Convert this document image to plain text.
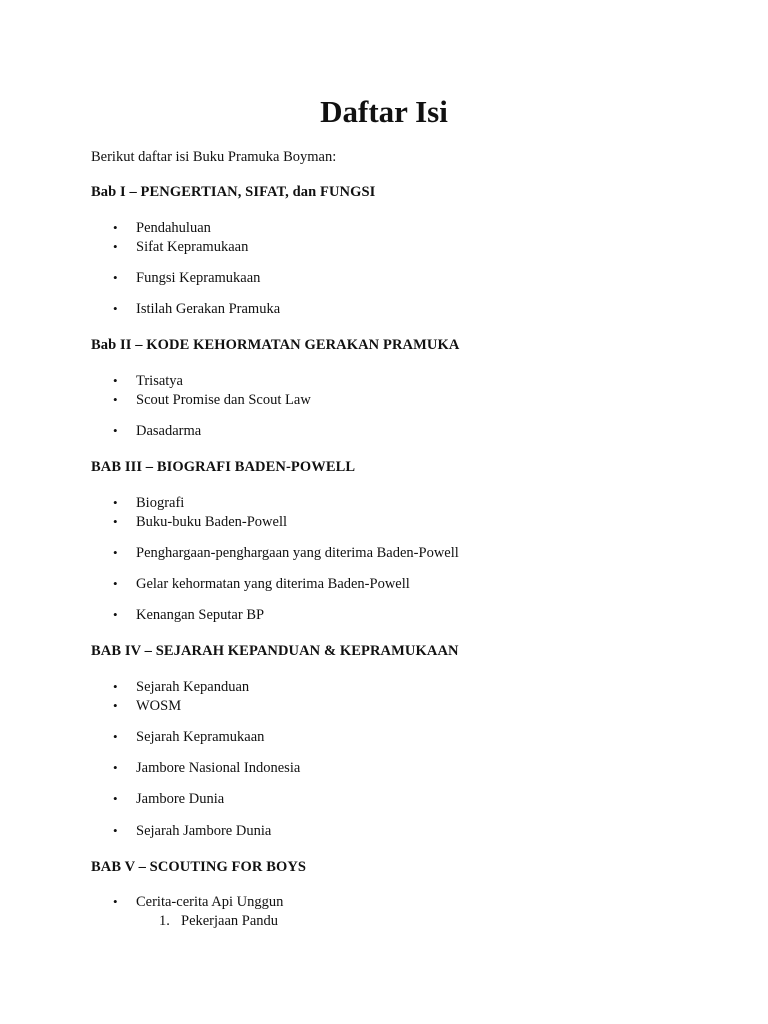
Daftar Isi

Berikut daftar isi Buku Pramuka Boyman:

Bab I – PENGERTIAN, SIFAT, dan FUNGSI

• Pendahuluan
• Sifat Kepramukaan
• Fungsi Kepramukaan
• Istilah Gerakan Pramuka

Bab II – KODE KEHORMATAN GERAKAN PRAMUKA

• Trisatya
• Scout Promise dan Scout Law
• Dasadarma

BAB III – BIOGRAFI BADEN-POWELL

• Biografi
• Buku-buku Baden-Powell
• Penghargaan-penghargaan yang diterima Baden-Powell
• Gelar kehormatan yang diterima Baden-Powell
• Kenangan Seputar BP

BAB IV – SEJARAH KEPANDUAN & KEPRAMUKAAN

• Sejarah Kepanduan
• WOSM
• Sejarah Kepramukaan
• Jambore Nasional Indonesia
• Jambore Dunia
• Sejarah Jambore Dunia

BAB V – SCOUTING FOR BOYS

• Cerita-cerita Api Unggun
1. Pekerjaan Pandu
